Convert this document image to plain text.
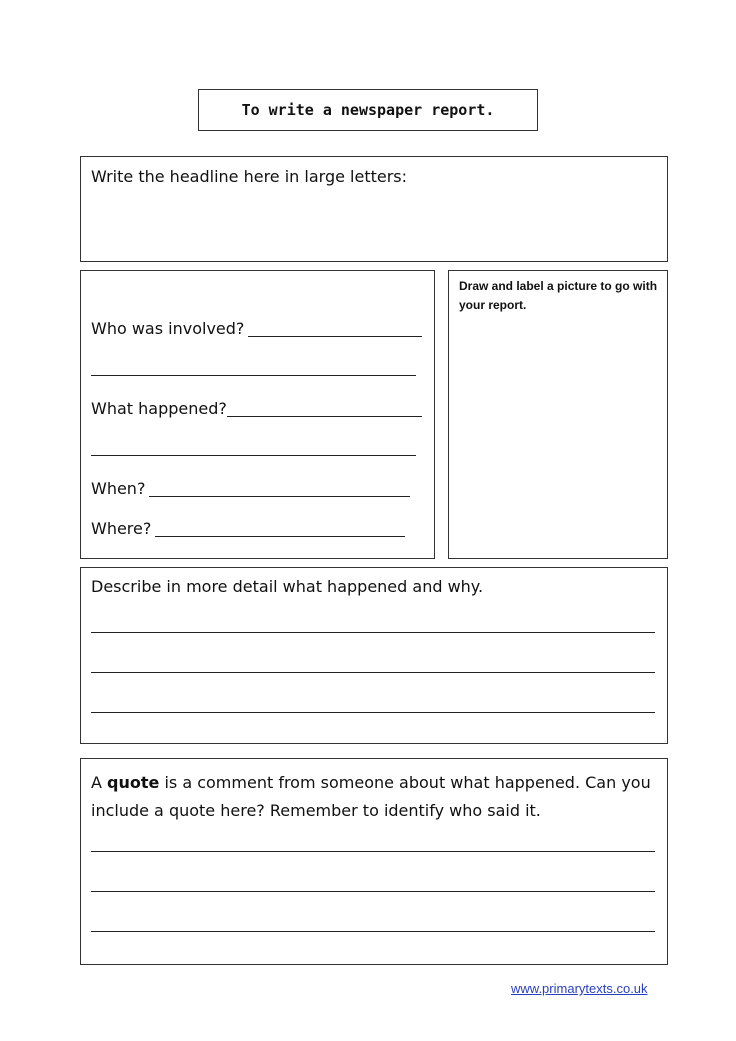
To write a newspaper report.
Write the headline here in large letters:
Who was involved?
What happened?
When?
Where?
Draw and label a picture to go with your report.
Describe in more detail what happened and why.
A quote is a comment from someone about what happened. Can you include a quote here? Remember to identify who said it.
www.primarytexts.co.uk
